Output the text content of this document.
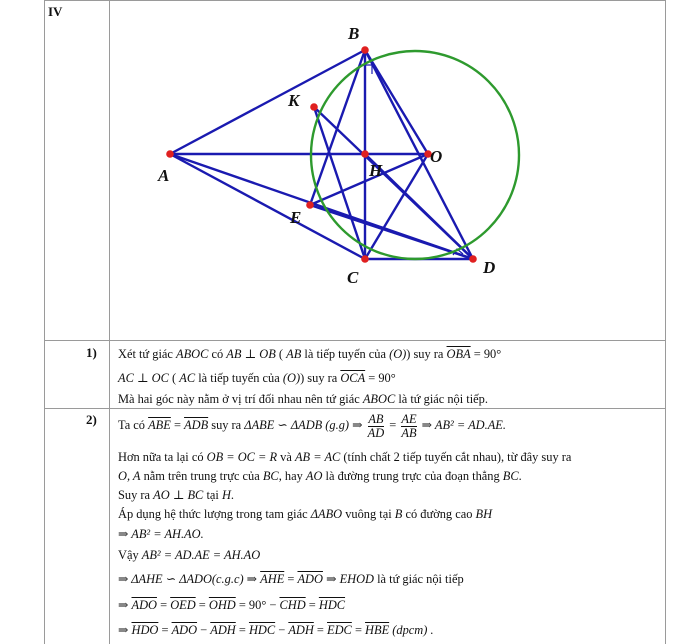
IV
B
K
A	H
O
E
C
D
1) Xét tứ giác ABOC có AB ⊥ OB ( AB là tiếp tuyến của (O)) suy ra $\overline{OBA} = 90^\circ$
AC ⊥ OC ( AC là tiếp tuyến của (O)) suy ra $\overline{OCA} = 90^\circ$
Mà hai góc này nằm ở vị trí đối nhau nên tứ giác ABOC là tứ giác nội tiếp.
2) Ta có $\overline{ABE} = \overline{ADB}$ suy ra ΔABE ∽ ΔADB (g.g) ⇒ $\frac{AB}{AD} = \frac{AE}{AB}$ ⇒ AB² = AD.AE.
Hơn nữa ta lại có OB = OC = R và AB = AC (tính chất 2 tiếp tuyến cắt nhau), từ đây suy ra
O, A nằm trên trung trực của BC, hay AO là đường trung trực của đoạn thẳng BC.
Suy ra AO ⊥ BC tại H.
Áp dụng hệ thức lượng trong tam giác ΔABO vuông tại B có đường cao BH
⇒ AB² = AH.AO.
Vậy AB² = AD.AE = AH.AO
⇒ ΔAHE ∽ ΔADO(c.g.c) ⇒ $\overline{AHE} = \overline{ADO}$ ⇒ EHOD là tứ giác nội tiếp
⇒ $\overline{ADO} = \overline{OED} = \overline{OHD} = 90^\circ - \overline{CHD} = \overline{HDC}$
⇒ $\overline{HDO} = \overline{ADO} - \overline{ADH} = \overline{HDC} - \overline{ADH} = \overline{EDC} = \overline{HBE}$ (dpcm) .
